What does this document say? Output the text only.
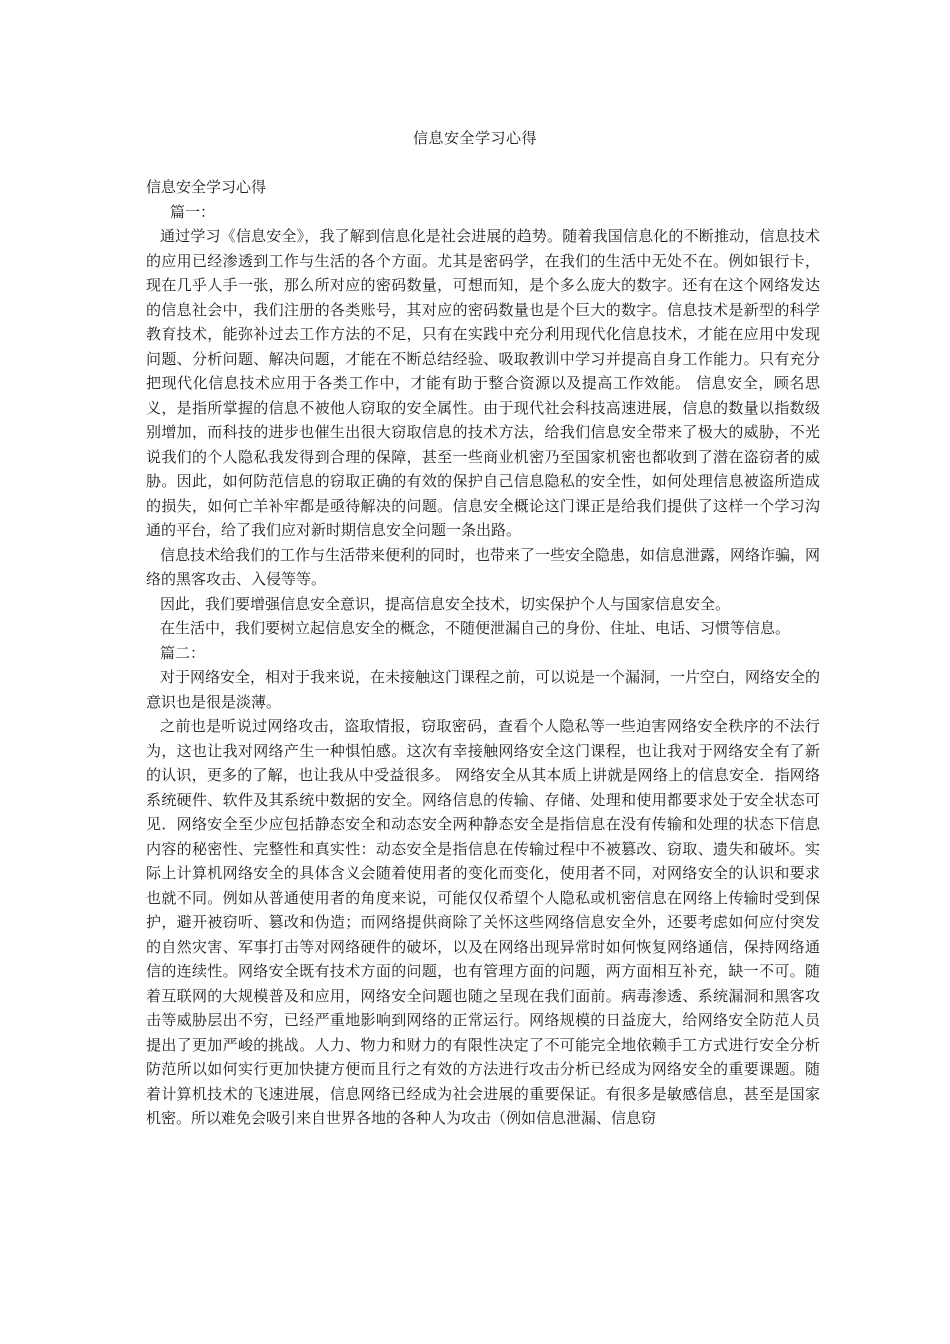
信息安全学习心得

信息安全学习心得

篇一：

通过学习《信息安全》，我了解到信息化是社会进展的趋势。随着我国信息化的不断推动，信息技术的应用已经渗透到工作与生活的各个方面。尤其是密码学，在我们的生活中无处不在。例如银行卡，现在几乎人手一张，那么所对应的密码数量，可想而知，是个多么庞大的数字。还有在这个网络发达的信息社会中，我们注册的各类账号，其对应的密码数量也是个巨大的数字。信息技术是新型的科学教育技术，能弥补过去工作方法的不足，只有在实践中充分利用现代化信息技术，才能在应用中发现问题、分析问题、解决问题，才能在不断总结经验、吸取教训中学习并提高自身工作能力。只有充分把现代化信息技术应用于各类工作中，才能有助于整合资源以及提高工作效能。 信息安全，顾名思义，是指所掌握的信息不被他人窃取的安全属性。由于现代社会科技高速进展，信息的数量以指数级别增加，而科技的进步也催生出很大窃取信息的技术方法，给我们信息安全带来了极大的威胁，不光说我们的个人隐私我发得到合理的保障，甚至一些商业机密乃至国家机密也都收到了潜在盗窃者的威胁。因此，如何防范信息的窃取正确的有效的保护自己信息隐私的安全性，如何处理信息被盗所造成的损失，如何亡羊补牢都是亟待解决的问题。信息安全概论这门课正是给我们提供了这样一个学习沟通的平台，给了我们应对新时期信息安全问题一条出路。

信息技术给我们的工作与生活带来便利的同时，也带来了一些安全隐患，如信息泄露，网络诈骗，网络的黑客攻击、入侵等等。

因此，我们要增强信息安全意识，提高信息安全技术，切实保护个人与国家信息安全。

在生活中，我们要树立起信息安全的概念，不随便泄漏自己的身份、住址、电话、习惯等信息。

篇二：

对于网络安全，相对于我来说，在未接触这门课程之前，可以说是一个漏洞，一片空白，网络安全的意识也是很是淡薄。

之前也是听说过网络攻击，盗取情报，窃取密码，查看个人隐私等一些迫害网络安全秩序的不法行为，这也让我对网络产生一种惧怕感。这次有幸接触网络安全这门课程，也让我对于网络安全有了新的认识，更多的了解，也让我从中受益很多。 网络安全从其本质上讲就是网络上的信息安全．指网络系统硬件、软件及其系统中数据的安全。网络信息的传输、存储、处理和使用都要求处于安全状态可见．网络安全至少应包括静态安全和动态安全两种静态安全是指信息在没有传输和处理的状态下信息内容的秘密性、完整性和真实性：动态安全是指信息在传输过程中不被篡改、窃取、遗失和破坏。实际上计算机网络安全的具体含义会随着使用者的变化而变化，使用者不同，对网络安全的认识和要求也就不同。例如从普通使用者的角度来说，可能仅仅希望个人隐私或机密信息在网络上传输时受到保护，避开被窃听、篡改和伪造；而网络提供商除了关怀这些网络信息安全外，还要考虑如何应付突发的自然灾害、军事打击等对网络硬件的破坏，以及在网络出现异常时如何恢复网络通信，保持网络通信的连续性。网络安全既有技术方面的问题，也有管理方面的问题，两方面相互补充，缺一不可。随着互联网的大规模普及和应用，网络安全问题也随之呈现在我们面前。病毒渗透、系统漏洞和黑客攻击等威胁层出不穷，已经严重地影响到网络的正常运行。网络规模的日益庞大，给网络安全防范人员提出了更加严峻的挑战。人力、物力和财力的有限性决定了不可能完全地依赖手工方式进行安全分析防范所以如何实行更加快捷方便而且行之有效的方法进行攻击分析已经成为网络安全的重要课题。随着计算机技术的飞速进展，信息网络已经成为社会进展的重要保证。有很多是敏感信息，甚至是国家机密。所以难免会吸引来自世界各地的各种人为攻击（例如信息泄漏、信息窃
